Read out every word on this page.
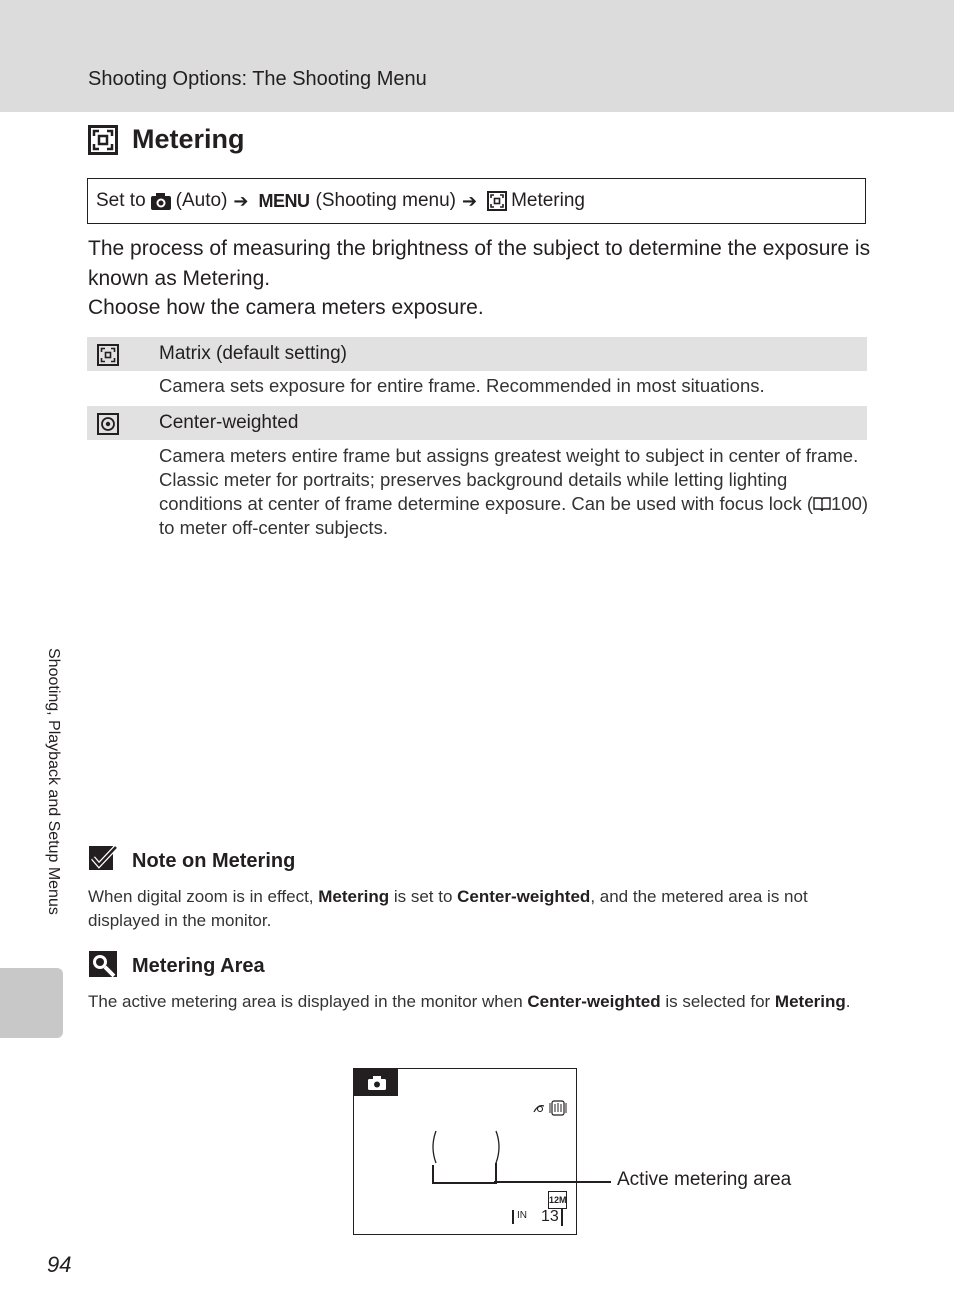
Shooting Options: The Shooting Menu
Metering
Set to (Auto) ➔ MENU (Shooting menu) ➔ Metering

The process of measuring the brightness of the subject to determine the exposure is known as Metering.

Choose how the camera meters exposure.

Matrix (default setting)
Camera sets exposure for entire frame. Recommended in most situations.
Center-weighted
Camera meters entire frame but assigns greatest weight to subject in center of frame. Classic meter for portraits; preserves background details while letting lighting conditions at center of frame determine exposure. Can be used with focus lock ( 100) to meter off-center subjects.
Shooting, Playback and Setup Menus	Note on Metering
When digital zoom is in effect, Metering is set to Center-weighted, and the metered area is not displayed in the monitor.
Metering Area
The active metering area is displayed in the monitor when Center-weighted is selected for Metering.
12M
IN 13
Active metering area
94
